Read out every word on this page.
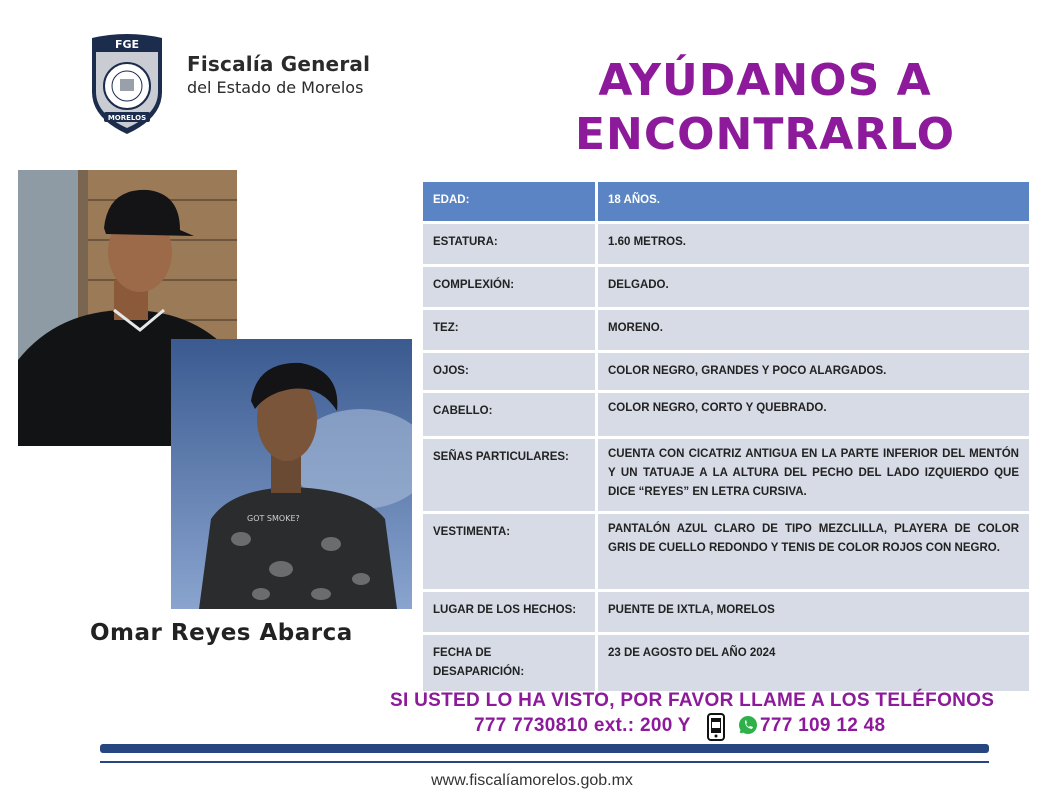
FGE
MORELOS
Fiscalía General
del Estado de Morelos	AYÚDANOS A
ENCONTRARLO
GOT SMOKE?
Omar Reyes Abarca
EDAD:	18 AÑOS.
ESTATURA:	1.60 METROS.
COMPLEXIÓN:	DELGADO.
TEZ:	MORENO.
OJOS:	COLOR NEGRO, GRANDES Y POCO ALARGADOS.
CABELLO:	COLOR NEGRO, CORTO Y QUEBRADO.
SEÑAS PARTICULARES:	CUENTA CON CICATRIZ ANTIGUA EN LA PARTE INFERIOR DEL MENTÓN Y UN TATUAJE A LA ALTURA DEL PECHO DEL LADO IZQUIERDO QUE DICE “REYES” EN LETRA CURSIVA.
VESTIMENTA:	PANTALÓN AZUL CLARO DE TIPO MEZCLILLA, PLAYERA DE COLOR GRIS DE CUELLO REDONDO Y TENIS DE COLOR ROJOS CON NEGRO.
LUGAR DE LOS HECHOS:	PUENTE DE IXTLA, MORELOS
FECHA DE DESAPARICIÓN:
23 DE AGOSTO DEL AÑO 2024
SI USTED LO HA VISTO, POR FAVOR LLAME A LOS TELÉFONOS
777 7730810 ext.: 200 Y	777 109 12 48
www.fiscalíamorelos.gob.mx
